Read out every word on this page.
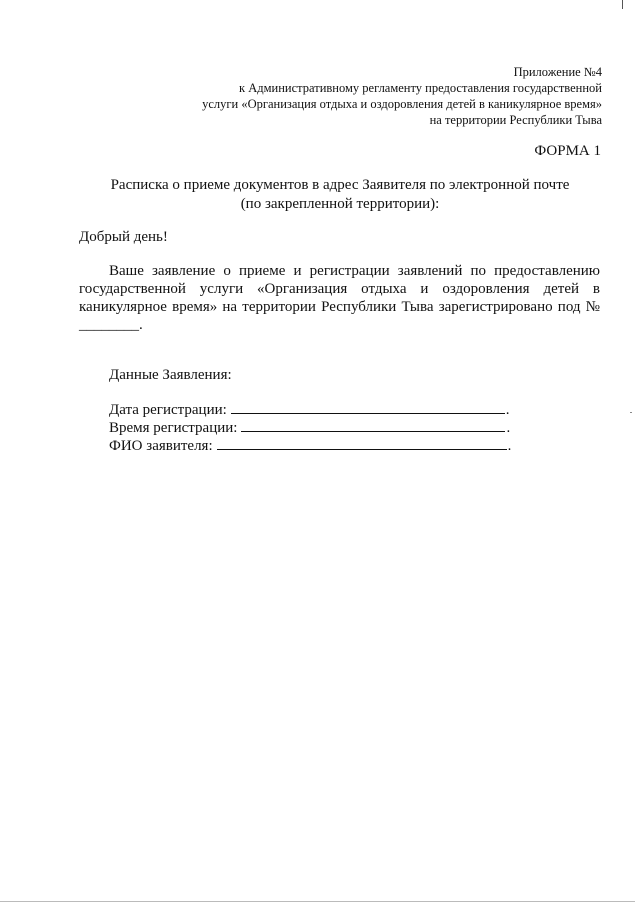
Приложение №4
к Административному регламенту предоставления государственной
услуги «Организация отдыха и оздоровления детей в каникулярное время»
на территории Республики Тыва
ФОРМА 1
Расписка о приеме документов в адрес Заявителя по электронной почте
(по закрепленной территории):
Добрый день!
Ваше заявление о приеме и регистрации заявлений по предоставлению государственной услуги «Организация отдыха и оздоровления детей в каникулярное время» на территории Республики Тыва зарегистрировано под № ________.
Данные Заявления:
Дата регистрации:	.
Время регистрации:	.
ФИО заявителя:	.
